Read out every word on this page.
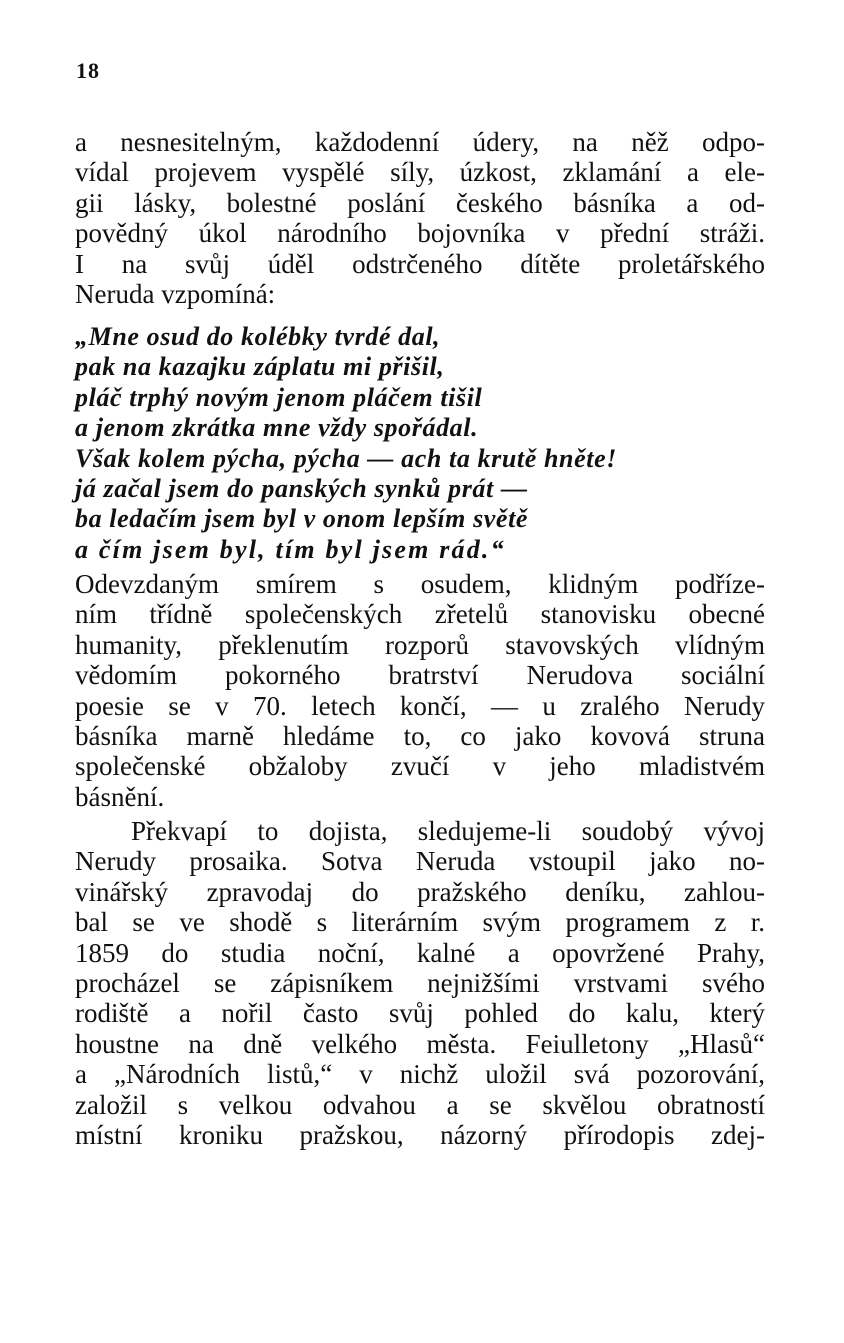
18
a nesnesitelným, každodenní údery, na něž odpo-
vídal projevem vyspělé síly, úzkost, zklamání a ele-
gii lásky, bolestné poslání českého básníka a od-
povědný úkol národního bojovníka v přední stráži.
I na svůj úděl odstrčeného dítěte proletářského
Neruda vzpomíná:
„Mne osud do kolébky tvrdé dal,
pak na kazajku záplatu mi přišil,
pláč trphý novým jenom pláčem tišil
a jenom zkrátka mne vždy spořádal.
Však kolem pýcha, pýcha — ach ta krutě hněte!
já začal jsem do panských synků prát —
ba ledačím jsem byl v onom lepším světě
a čím jsem byl, tím byl jsem rád.“
Odevzdaným smírem s osudem, klidným podřízе-
ním třídně společenských zřetelů stanovisku obecné
humanity, překlenutím rozporů stavovských vlídným
vědomím pokorného bratrství Nerudova sociální
poesie se v 70. letech končí, — u zralého Nerudy
básníka marně hledáme to, co jako kovová struna
společenské obžaloby zvučí v jeho mladistvém
básnění.
Překvapí to dojista, sledujeme-li soudobý vývoj
Nerudy prosaika. Sotva Neruda vstoupil jako no-
vinářský zpravodaj do pražského deníku, zahlou-
bal se ve shodě s literárním svým programem z r.
1859 do studia noční, kalné a opovržené Prahy,
procházel se zápisníkem nejnižšími vrstvami svého
rodiště a nořil často svůj pohled do kalu, který
houstne na dně velkého města. Feiulletony „Hlasů“
a „Národních listů,“ v nichž uložil svá pozorování,
založil s velkou odvahou a se skvělou obratností
místní kroniku pražskou, názorný přírodopis zdej-
